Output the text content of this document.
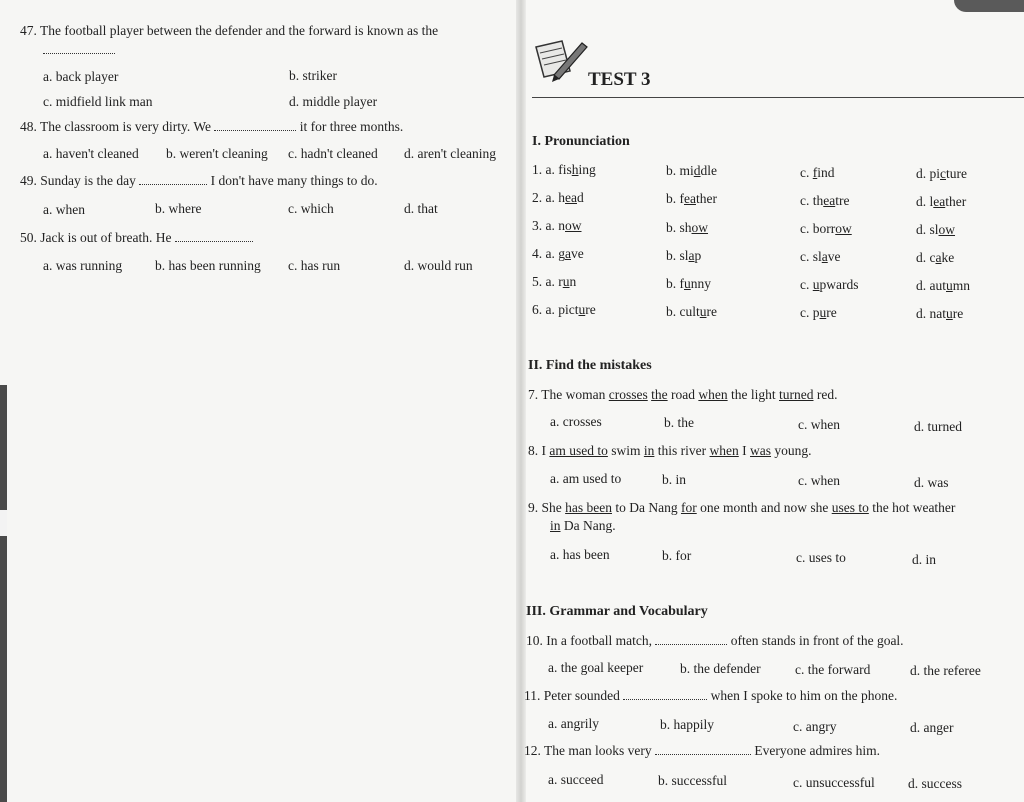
47. The football player between the defender and the forward is known as the
a. back player	b. striker
c. midfield link man	d. middle player
48. The classroom is very dirty. We	it for three months.
a. haven't cleaned b. weren't cleaning c. hadn't cleaned d. aren't cleaning
49. Sunday is the day	I don't have many things to do.
a. when	b. where	c. which	d. that
50. Jack is out of breath. He
a. was running b. has been running c. has run	d. would run
TEST 3
I. Pronunciation
1. a. fishing	b. middle	c. find	d. picture
2. a. head	b. feather	c. theatre	d. leather
3. a. now	b. show	c. borrow	d. slow
4. a. gave	b. slap	c. slave	d. cake
5. a. run	b. funny	c. upwards	d. autumn
6. a. picture	b. culture	c. pure	d. nature
II. Find the mistakes
7. The woman crosses the road when the light turned red.
a. crosses	b. the	c. when	d. turned
8. I am used to swim in this river when I was young.
a. am used to	b. in	c. when	d. was
9. She has been to Da Nang for one month and now she uses to the hot weather
in Da Nang.
a. has been	b. for	c. uses to	d. in
III. Grammar and Vocabulary
10. In a football match,	often stands in front of the goal.
a. the goal keeper	b. the defender	c. the forward	d. the referee
11. Peter sounded	when I spoke to him on the phone.
a. angrily	b. happily	c. angry	d. anger
12. The man looks very	Everyone admires him.
a. succeed	b. successful	c. unsuccessful d. success
